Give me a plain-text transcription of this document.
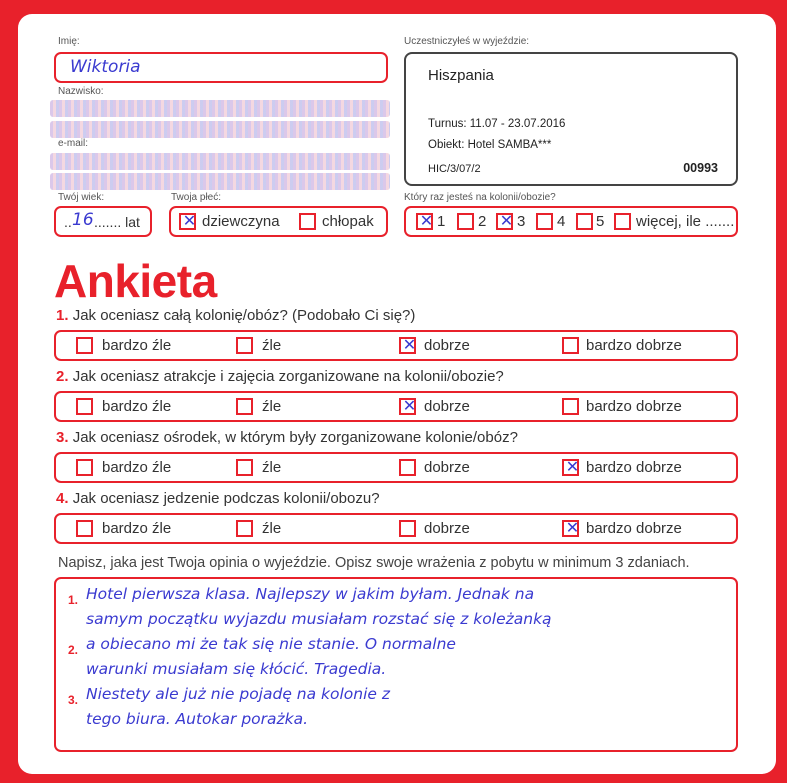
Imię:
Wiktoria
Nazwisko:
e-mail:
Twój wiek:
.. 16 ....... lat
Twoja płeć:
✕ dziewczyna	chłopak
Uczestniczyłeś w wyjeździe:
Hiszpania
Turnus: 11.07 - 23.07.2016
Obiekt: Hotel SAMBA***
HIC/3/07/2	00993
Który raz jesteś na kolonii/obozie?
✕ 1 2 ✕ 3 4 5 więcej, ile .......
Ankieta
1. Jak oceniasz całą kolonię/obóz? (Podobało Ci się?)
bardzo źle	źle	✕ dobrze	bardzo dobrze
2. Jak oceniasz atrakcje i zajęcia zorganizowane na kolonii/obozie?
bardzo źle	źle	✕ dobrze	bardzo dobrze
3. Jak oceniasz ośrodek, w którym były zorganizowane kolonie/obóz?
bardzo źle	źle	dobrze	✕ bardzo dobrze
4. Jak oceniasz jedzenie podczas kolonii/obozu?
bardzo źle	źle	dobrze	✕ bardzo dobrze
Napisz, jaka jest Twoja opinia o wyjeździe. Opisz swoje wrażenia z pobytu w minimum 3 zdaniach.
1.
2.
3.
Hotel pierwsza klasa. Najlepszy w jakim byłam. Jednak na
samym początku wyjazdu musiałam rozstać się z koleżanką
a obiecano mi że tak się nie stanie. O normalne
warunki musiałam się kłócić. Tragedia.
Niestety ale już nie pojadę na kolonie z
tego biura. Autokar porażka.
